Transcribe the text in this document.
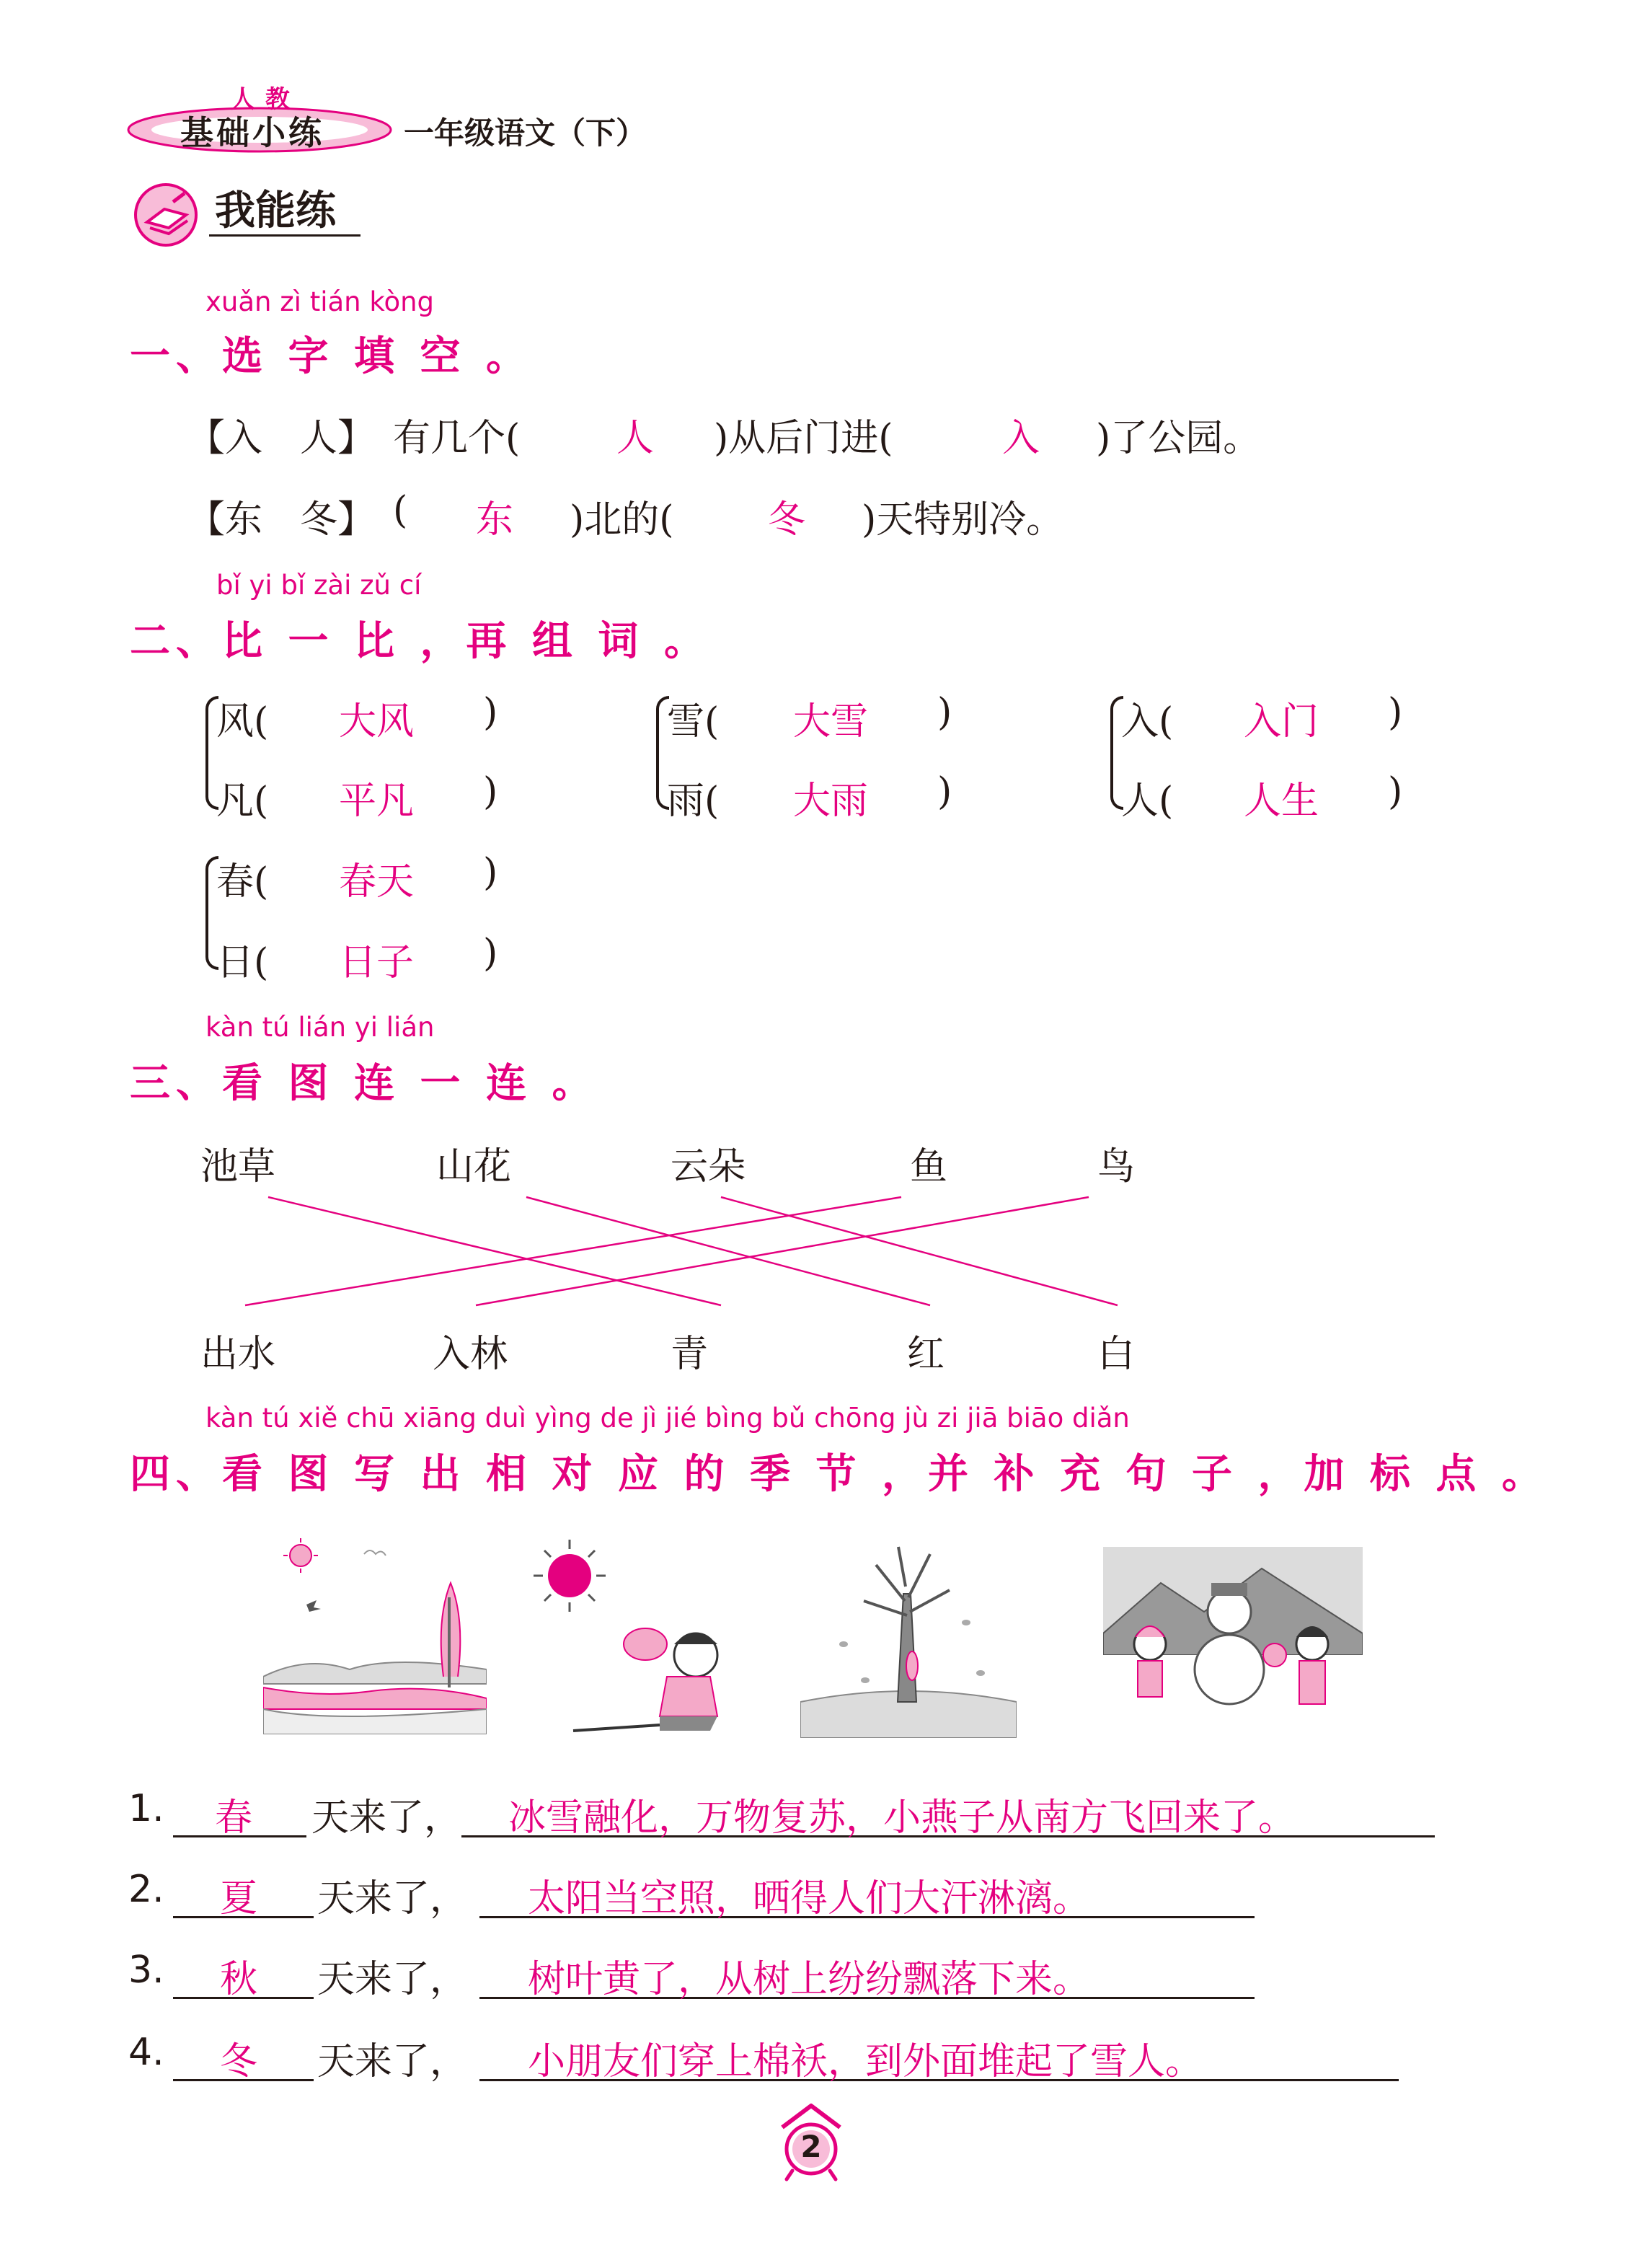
人教
基础小练	一年级语文（下）
我能练
xuǎn zì tián kòng
一、选 字 填 空 。
【入　人】 有几个(	人 )从后门进(	入 )了公园。
【东　冬】 ( 东 )北的(	冬 )天特别冷。
bǐ yi bǐ zài zǔ cí
二、比 一 比 ，再 组 词 。
风( 大风 )
凡( 平凡 )
雪( 大雪 )
雨( 大雨 )
入( 入门 )
人( 人生 )
春( 春天 )
日( 日子 )
kàn tú lián yi lián
三、看 图 连 一 连 。
池草	山花	云朵	鱼	鸟
出水	入林	青	红	白
kàn tú xiě chū xiāng duì yìng de jì jié bìng bǔ chōng jù zi jiā biāo diǎn
四、看 图 写 出 相 对 应 的 季 节 ，并 补 充 句 子 ，加 标 点 。
1. 春 天来了， 冰雪融化，万物复苏，小燕子从南方飞回来了。
2. 夏 天来了， 太阳当空照，晒得人们大汗淋漓。
3. 秋 天来了， 树叶黄了，从树上纷纷飘落下来。
4. 冬 天来了， 小朋友们穿上棉袄，到外面堆起了雪人。
2
